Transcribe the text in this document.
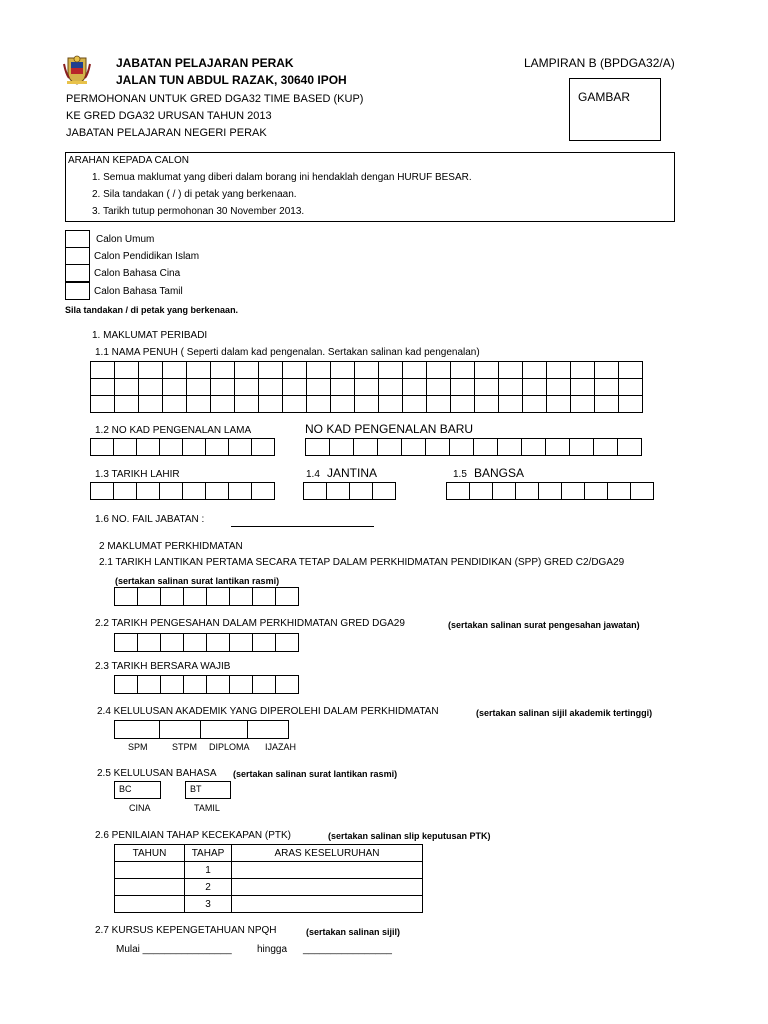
JABATAN PELAJARAN PERAK
JALAN TUN ABDUL RAZAK, 30640 IPOH
PERMOHONAN UNTUK GRED DGA32 TIME BASED (KUP)
KE GRED DGA32 URUSAN TAHUN 2013
JABATAN PELAJARAN NEGERI PERAK
LAMPIRAN B (BPDGA32/A)
GAMBAR
ARAHAN KEPADA CALON
1. Semua maklumat yang diberi dalam borang ini hendaklah dengan HURUF BESAR.
2. Sila tandakan ( / ) di petak yang berkenaan.
3. Tarikh tutup permohonan 30 November 2013.
Calon Umum
Calon Pendidikan Islam
Calon Bahasa Cina
Calon Bahasa Tamil
Sila tandakan / di petak yang berkenaan.
1. MAKLUMAT PERIBADI
1.1 NAMA PENUH ( Seperti dalam kad pengenalan. Sertakan salinan kad pengenalan)

1.2 NO KAD PENGENALAN LAMA	NO KAD PENGENALAN BARU

1.3 TARIKH LAHIR	1.4 JANTINA	1.5 BANGSA

1.6 NO. FAIL JABATAN :
2 MAKLUMAT PERKHIDMATAN
2.1 TARIKH LANTIKAN PERTAMA SECARA TETAP DALAM PERKHIDMATAN PENDIDIKAN (SPP) GRED C2/DGA29
(sertakan salinan surat lantikan rasmi)

2.2 TARIKH PENGESAHAN DALAM PERKHIDMATAN GRED DGA29	(sertakan salinan surat pengesahan jawatan)

2.3 TARIKH BERSARA WAJIB

2.4 KELULUSAN AKADEMIK YANG DIPEROLEHI DALAM PERKHIDMATAN	(sertakan salinan sijil akademik tertinggi)

SPM	STPM DIPLOMA IJAZAH
2.5 KELULUSAN BAHASA (sertakan salinan surat lantikan rasmi)
BC	BT
CINA	TAMIL
2.6 PENILAIAN TAHAP KECEKAPAN (PTK)	(sertakan salinan slip keputusan PTK)
TAHUN	TAHAP	ARAS KESELURUHAN
	1	
	2	
	3	
2.7 KURSUS KEPENGETAHUAN NPQH	(sertakan salinan sijil)
Mulai ________________	hingga ________________
